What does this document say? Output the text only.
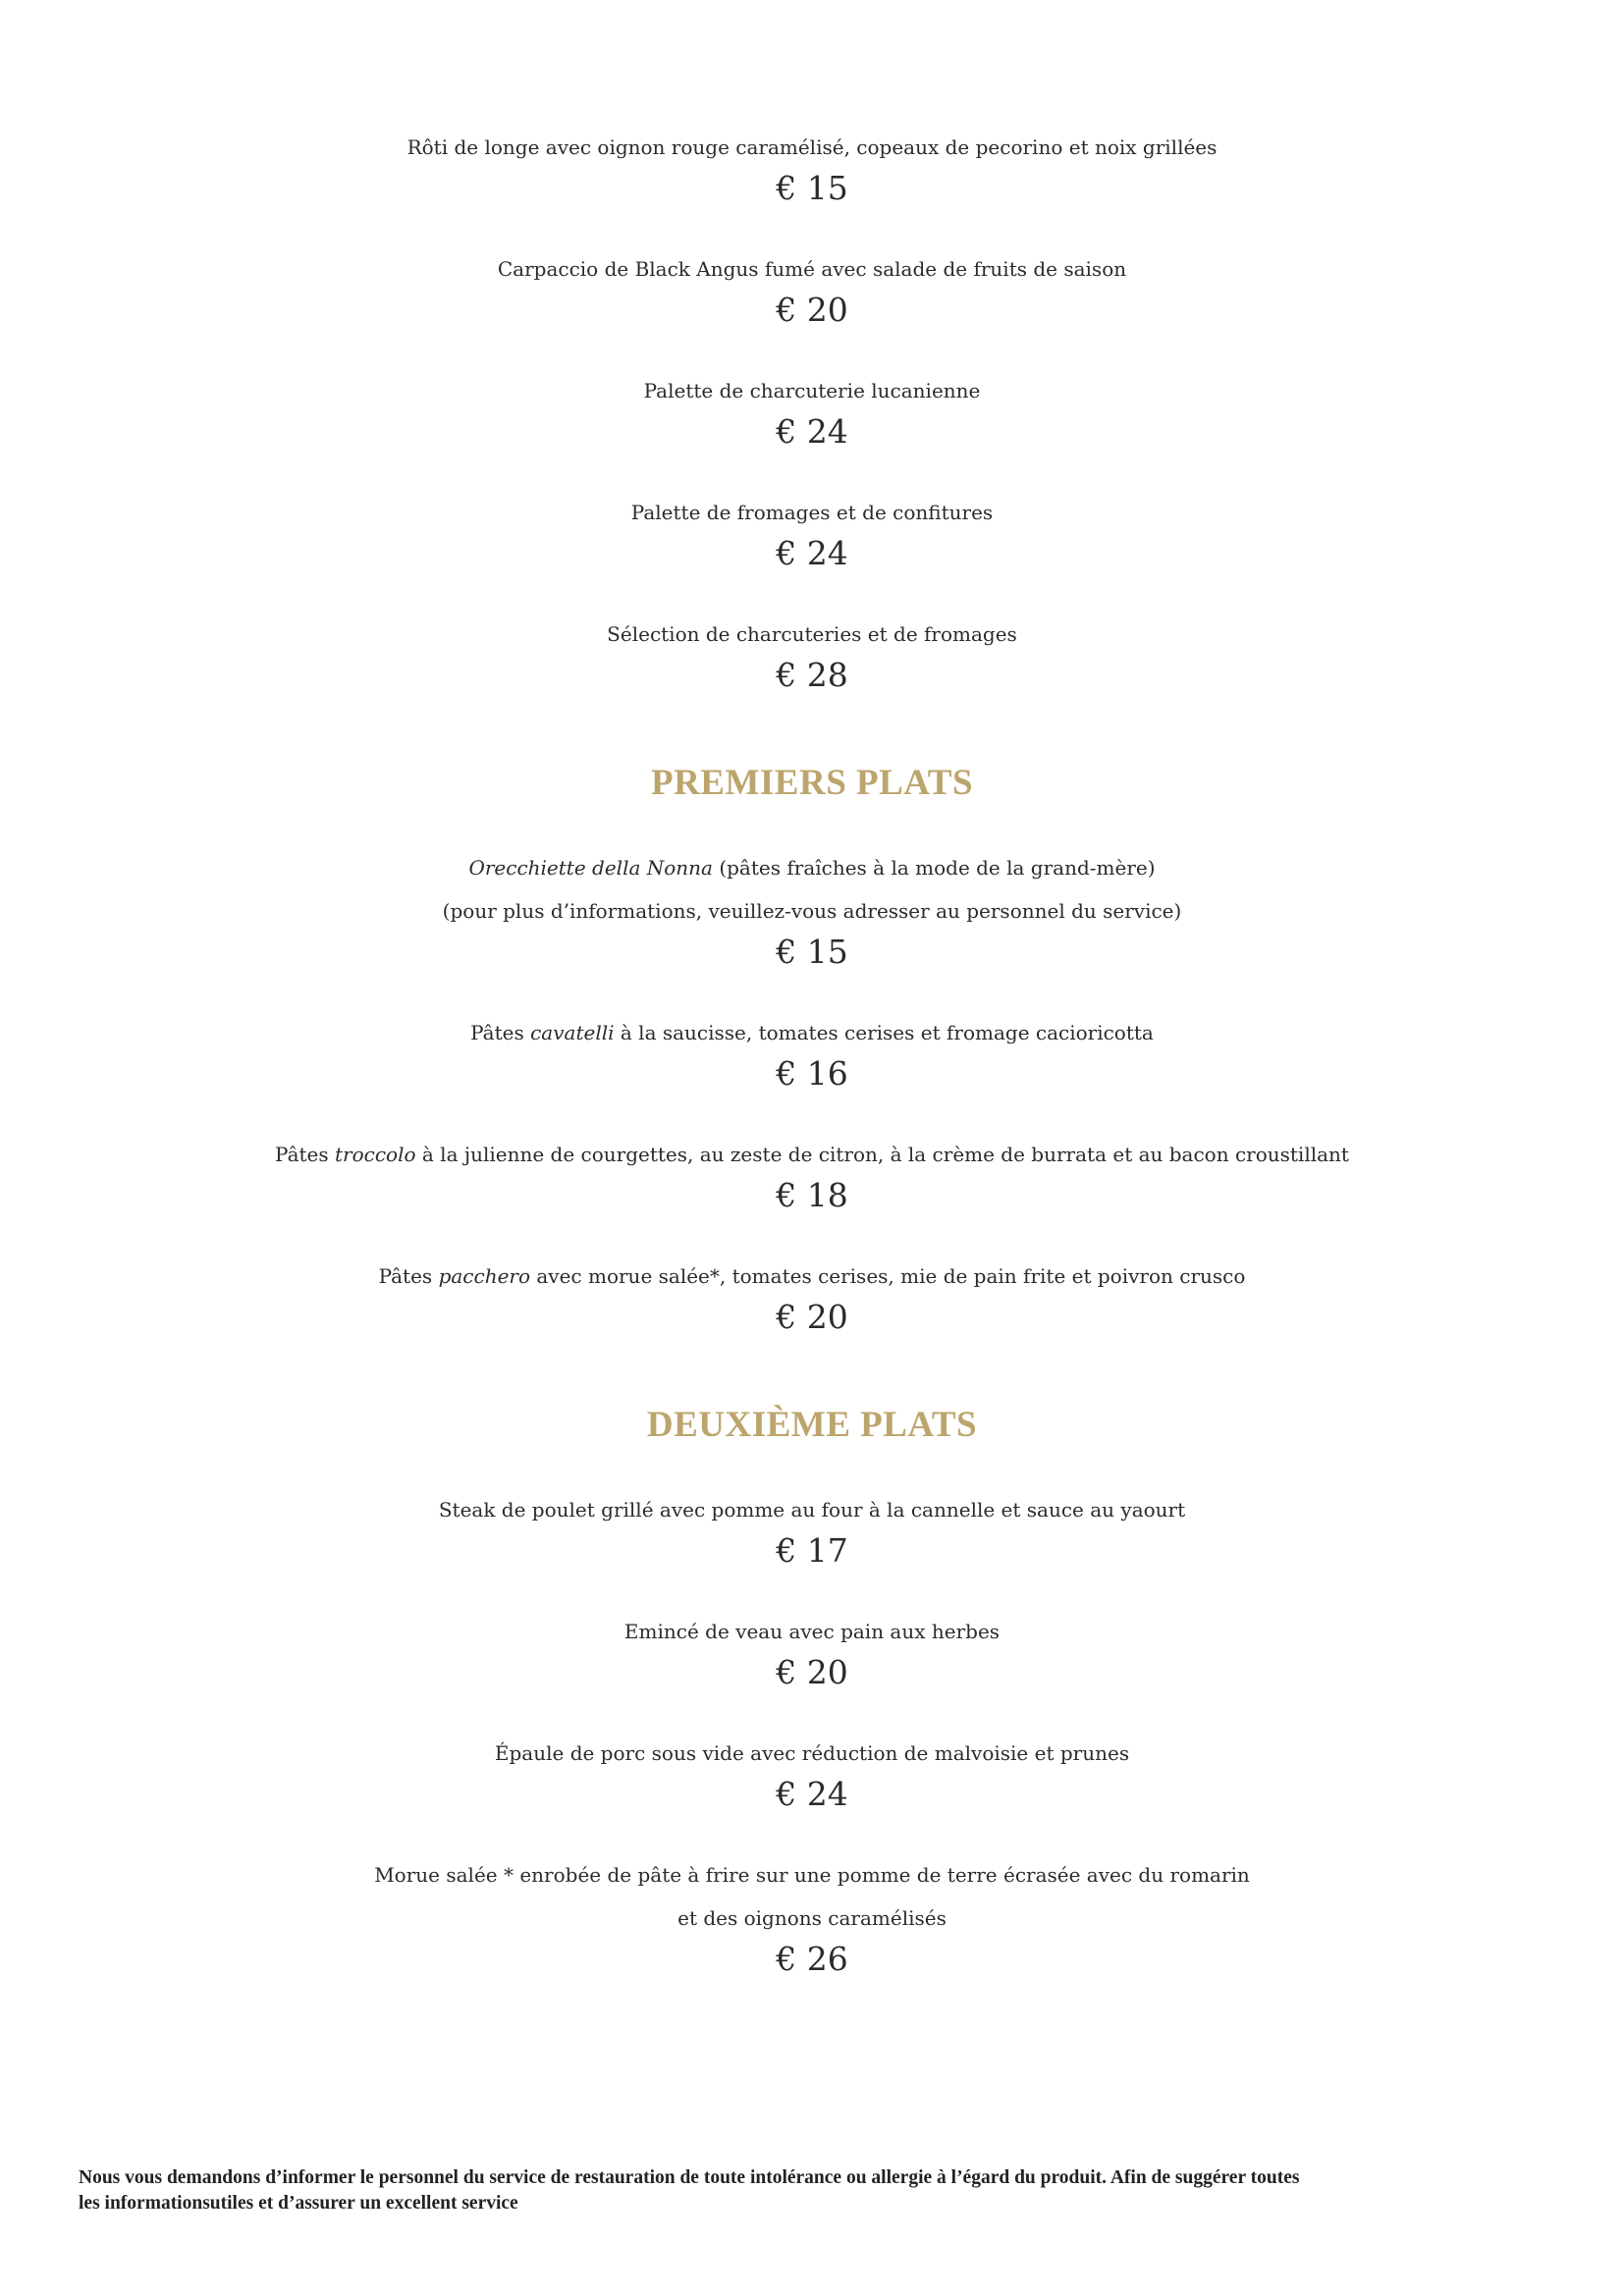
Rôti de longe avec oignon rouge caramélisé, copeaux de pecorino et noix grillées
€ 15
Carpaccio de Black Angus fumé avec salade de fruits de saison
€ 20
Palette de charcuterie lucanienne
€ 24
Palette de fromages et de confitures
€ 24
Sélection de charcuteries et de fromages
€ 28
PREMIERS PLATS
Orecchiette della Nonna (pâtes fraîches à la mode de la grand-mère)
(pour plus d’informations, veuillez-vous adresser au personnel du service)
€ 15
Pâtes cavatelli à la saucisse, tomates cerises et fromage cacioricotta
€ 16
Pâtes troccolo à la julienne de courgettes, au zeste de citron, à la crème de burrata et au bacon croustillant
€ 18
Pâtes pacchero avec morue salée*, tomates cerises, mie de pain frite et poivron crusco
€ 20
DEUXIÈME PLATS
Steak de poulet grillé avec pomme au four à la cannelle et sauce au yaourt
€ 17
Emincé de veau avec pain aux herbes
€ 20
Épaule de porc sous vide avec réduction de malvoisie et prunes
€ 24
Morue salée * enrobée de pâte à frire sur une pomme de terre écrasée avec du romarin
et des oignons caramélisés
€ 26
Nous vous demandons d’informer le personnel du service de restauration de toute intolérance ou allergie à l’égard du produit. Afin de suggérer toutes
les informationsutiles et d’assurer un excellent service
